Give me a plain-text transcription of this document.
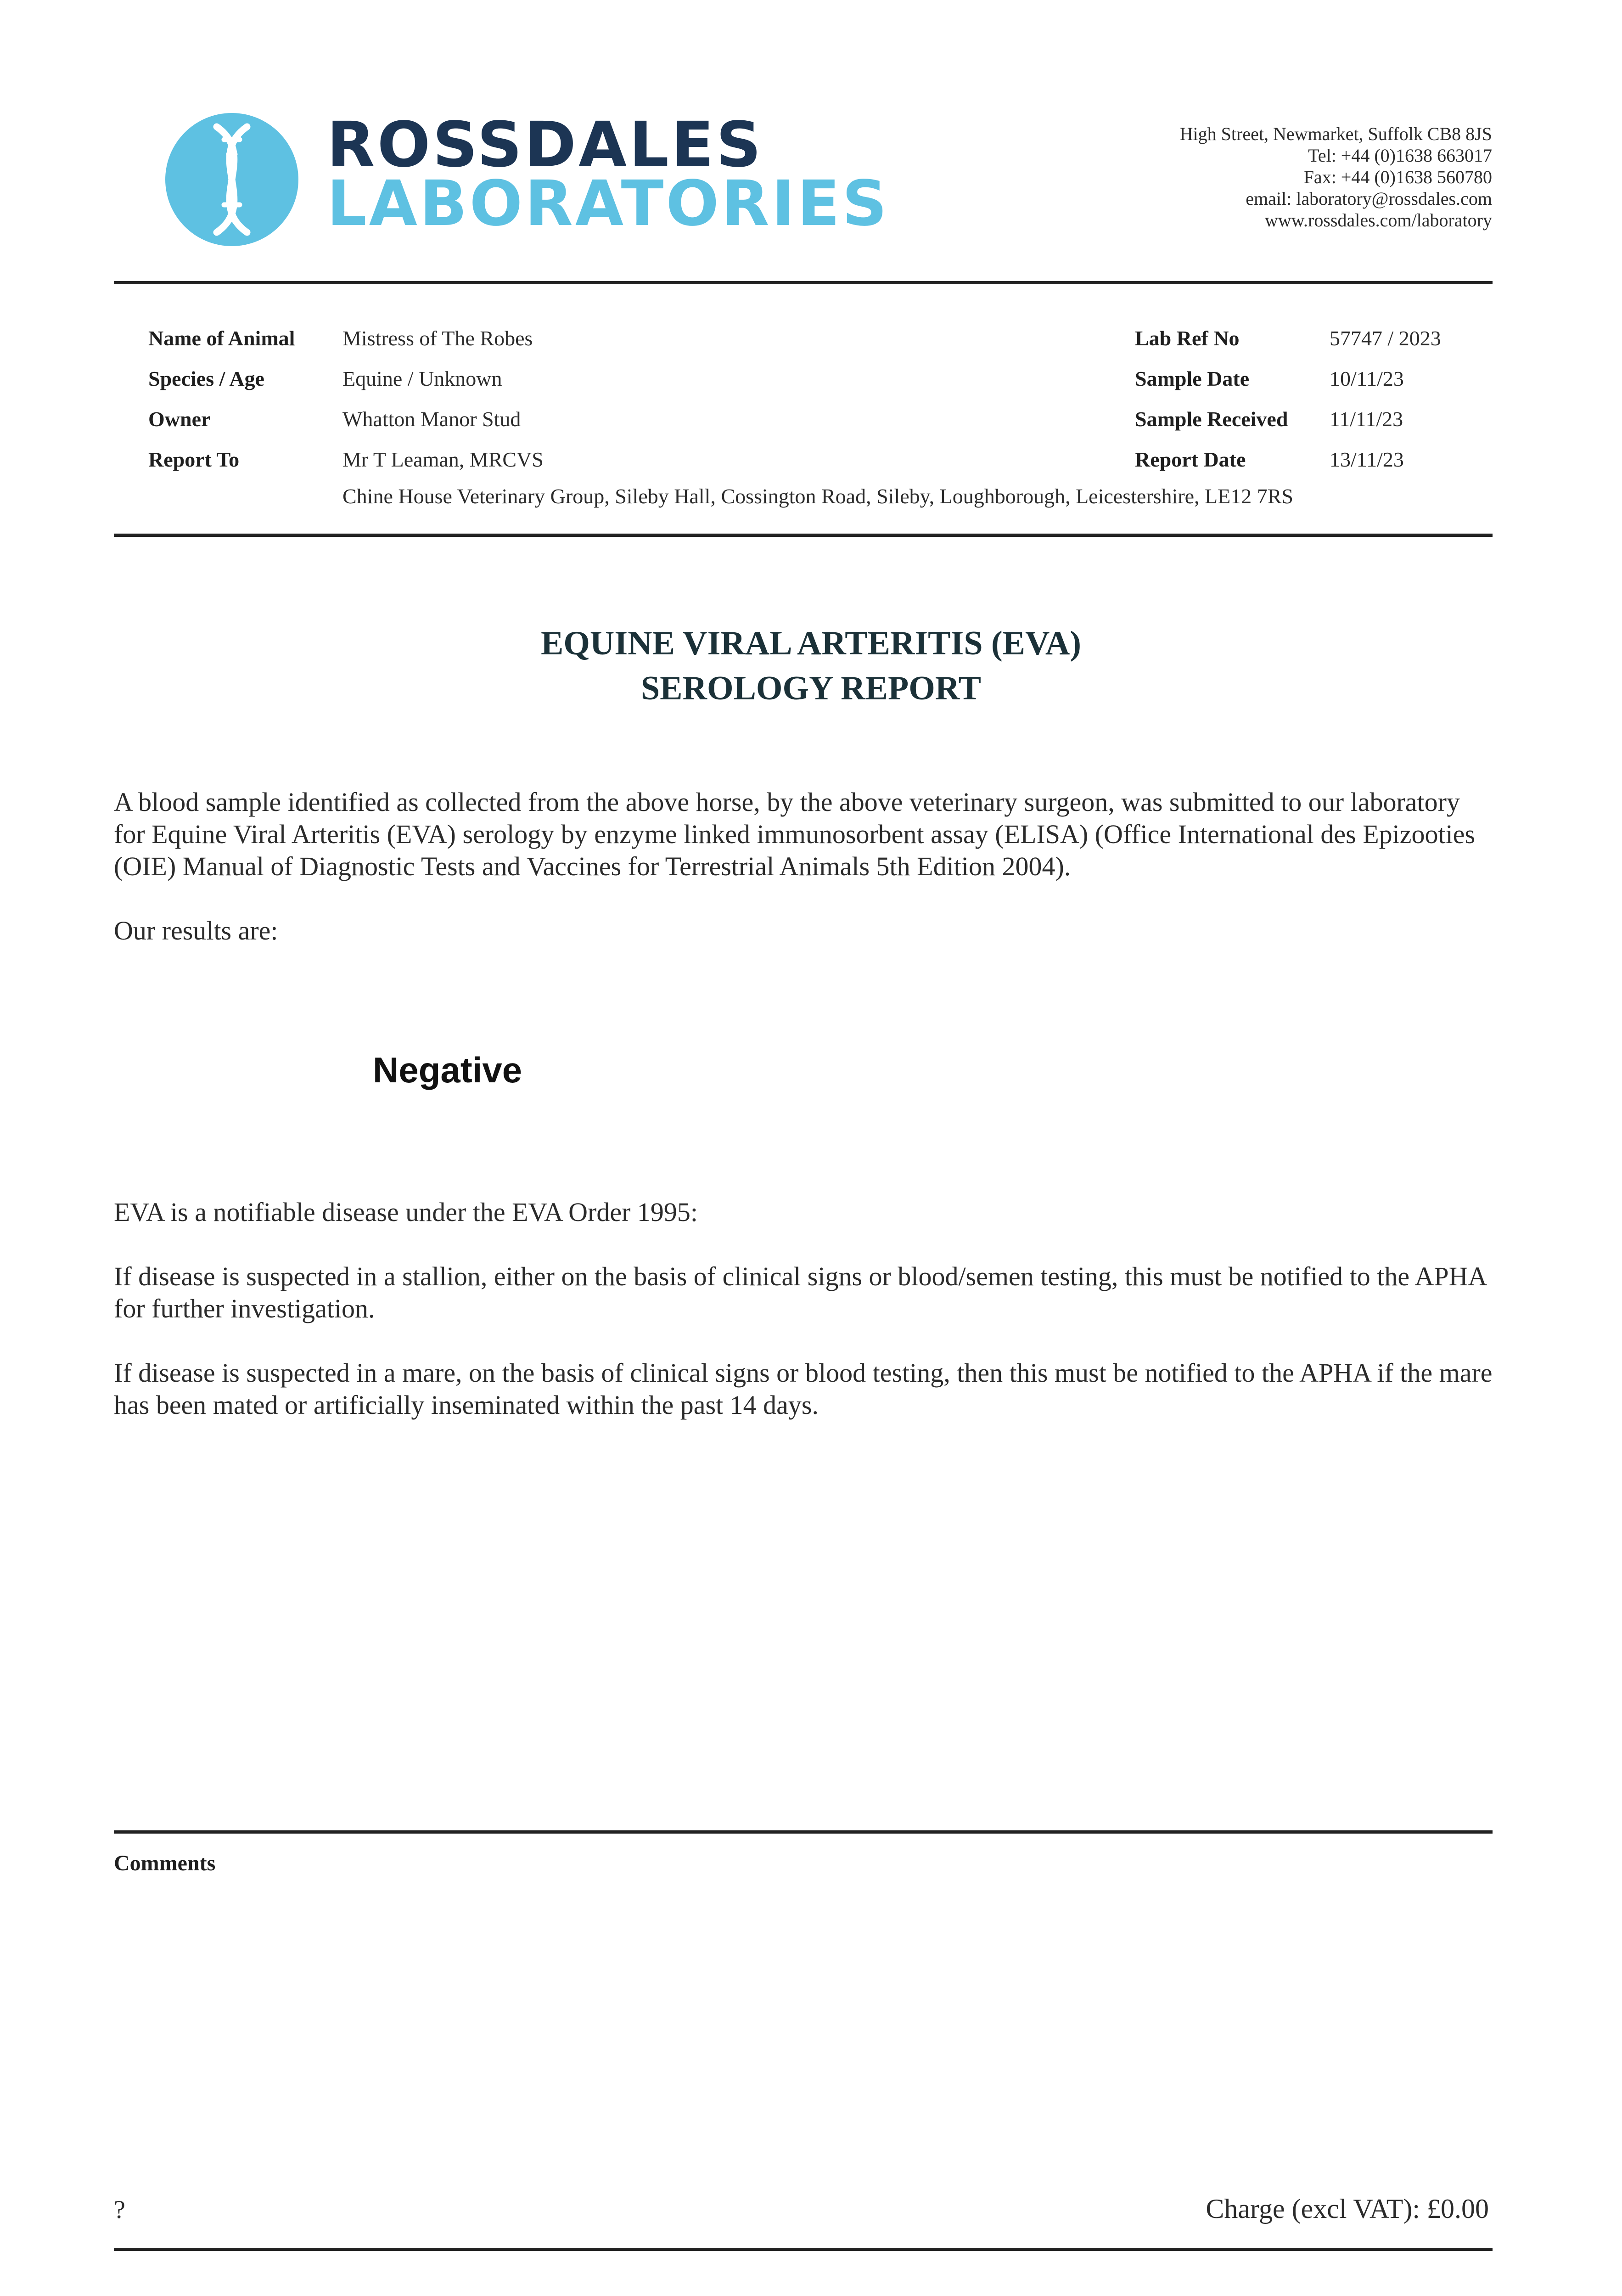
ROSSDALES
LABORATORIES
High Street, Newmarket, Suffolk CB8 8JS
Tel: +44 (0)1638 663017
Fax: +44 (0)1638 560780
email: laboratory@rossdales.com
www.rossdales.com/laboratory
Name of Animal Mistress of The Robes
Species / Age	Equine / Unknown
Owner	Whatton Manor Stud
Report To	Mr T Leaman, MRCVS
Chine House Veterinary Group, Sileby Hall, Cossington Road, Sileby, Loughborough, Leicestershire, LE12 7RS
Lab Ref No	57747 / 2023
Sample Date	10/11/23
Sample Received 11/11/23
Report Date	13/11/23
EQUINE VIRAL ARTERITIS (EVA)
SEROLOGY REPORT
A blood sample identified as collected from the above horse, by the above veterinary surgeon, was submitted to our laboratory for Equine Viral Arteritis (EVA) serology by enzyme linked immunosorbent assay (ELISA) (Office International des Epizooties (OIE) Manual of Diagnostic Tests and Vaccines for Terrestrial Animals 5th Edition 2004).
Our results are:
Negative
EVA is a notifiable disease under the EVA Order 1995:
If disease is suspected in a stallion, either on the basis of clinical signs or blood/semen testing, this must be notified to the APHA for further investigation.
If disease is suspected in a mare, on the basis of clinical signs or blood testing, then this must be notified to the APHA if the mare has been mated or artificially inseminated within the past 14 days.
Comments
?	Charge (excl VAT): £0.00
